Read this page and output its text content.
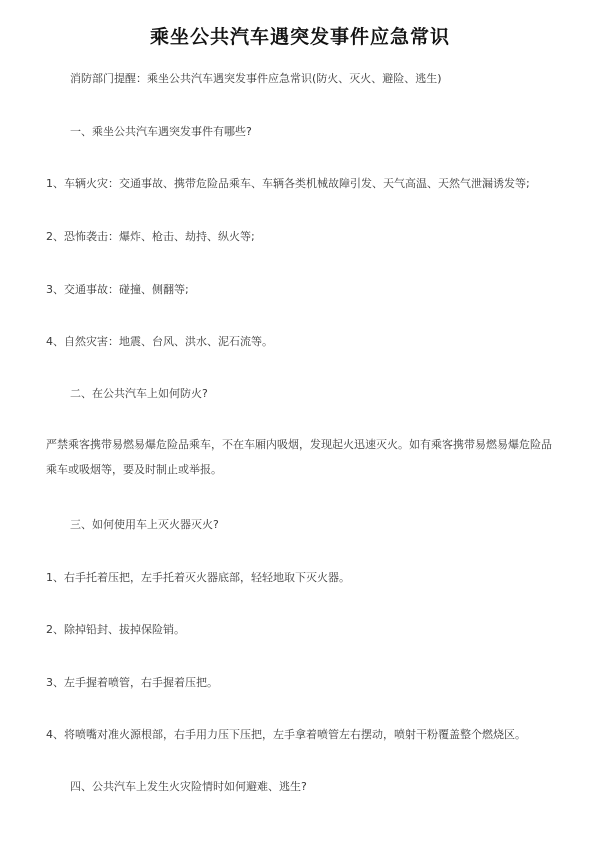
乘坐公共汽车遇突发事件应急常识
消防部门提醒：乘坐公共汽车遇突发事件应急常识(防火、灭火、避险、逃生)
一、乘坐公共汽车遇突发事件有哪些?
1、车辆火灾：交通事故、携带危险品乘车、车辆各类机械故障引发、天气高温、天然气泄漏诱发等;
2、恐怖袭击：爆炸、枪击、劫持、纵火等;
3、交通事故：碰撞、侧翻等;
4、自然灾害：地震、台风、洪水、泥石流等。
二、在公共汽车上如何防火?
严禁乘客携带易燃易爆危险品乘车，不在车厢内吸烟，发现起火迅速灭火。如有乘客携带易燃易爆危险品乘车或吸烟等，要及时制止或举报。
三、如何使用车上灭火器灭火?
1、右手托着压把，左手托着灭火器底部，轻轻地取下灭火器。
2、除掉铅封、拔掉保险销。
3、左手握着喷管，右手握着压把。
4、将喷嘴对准火源根部，右手用力压下压把，左手拿着喷管左右摆动，喷射干粉覆盖整个燃烧区。
四、公共汽车上发生火灾险情时如何避难、逃生?
